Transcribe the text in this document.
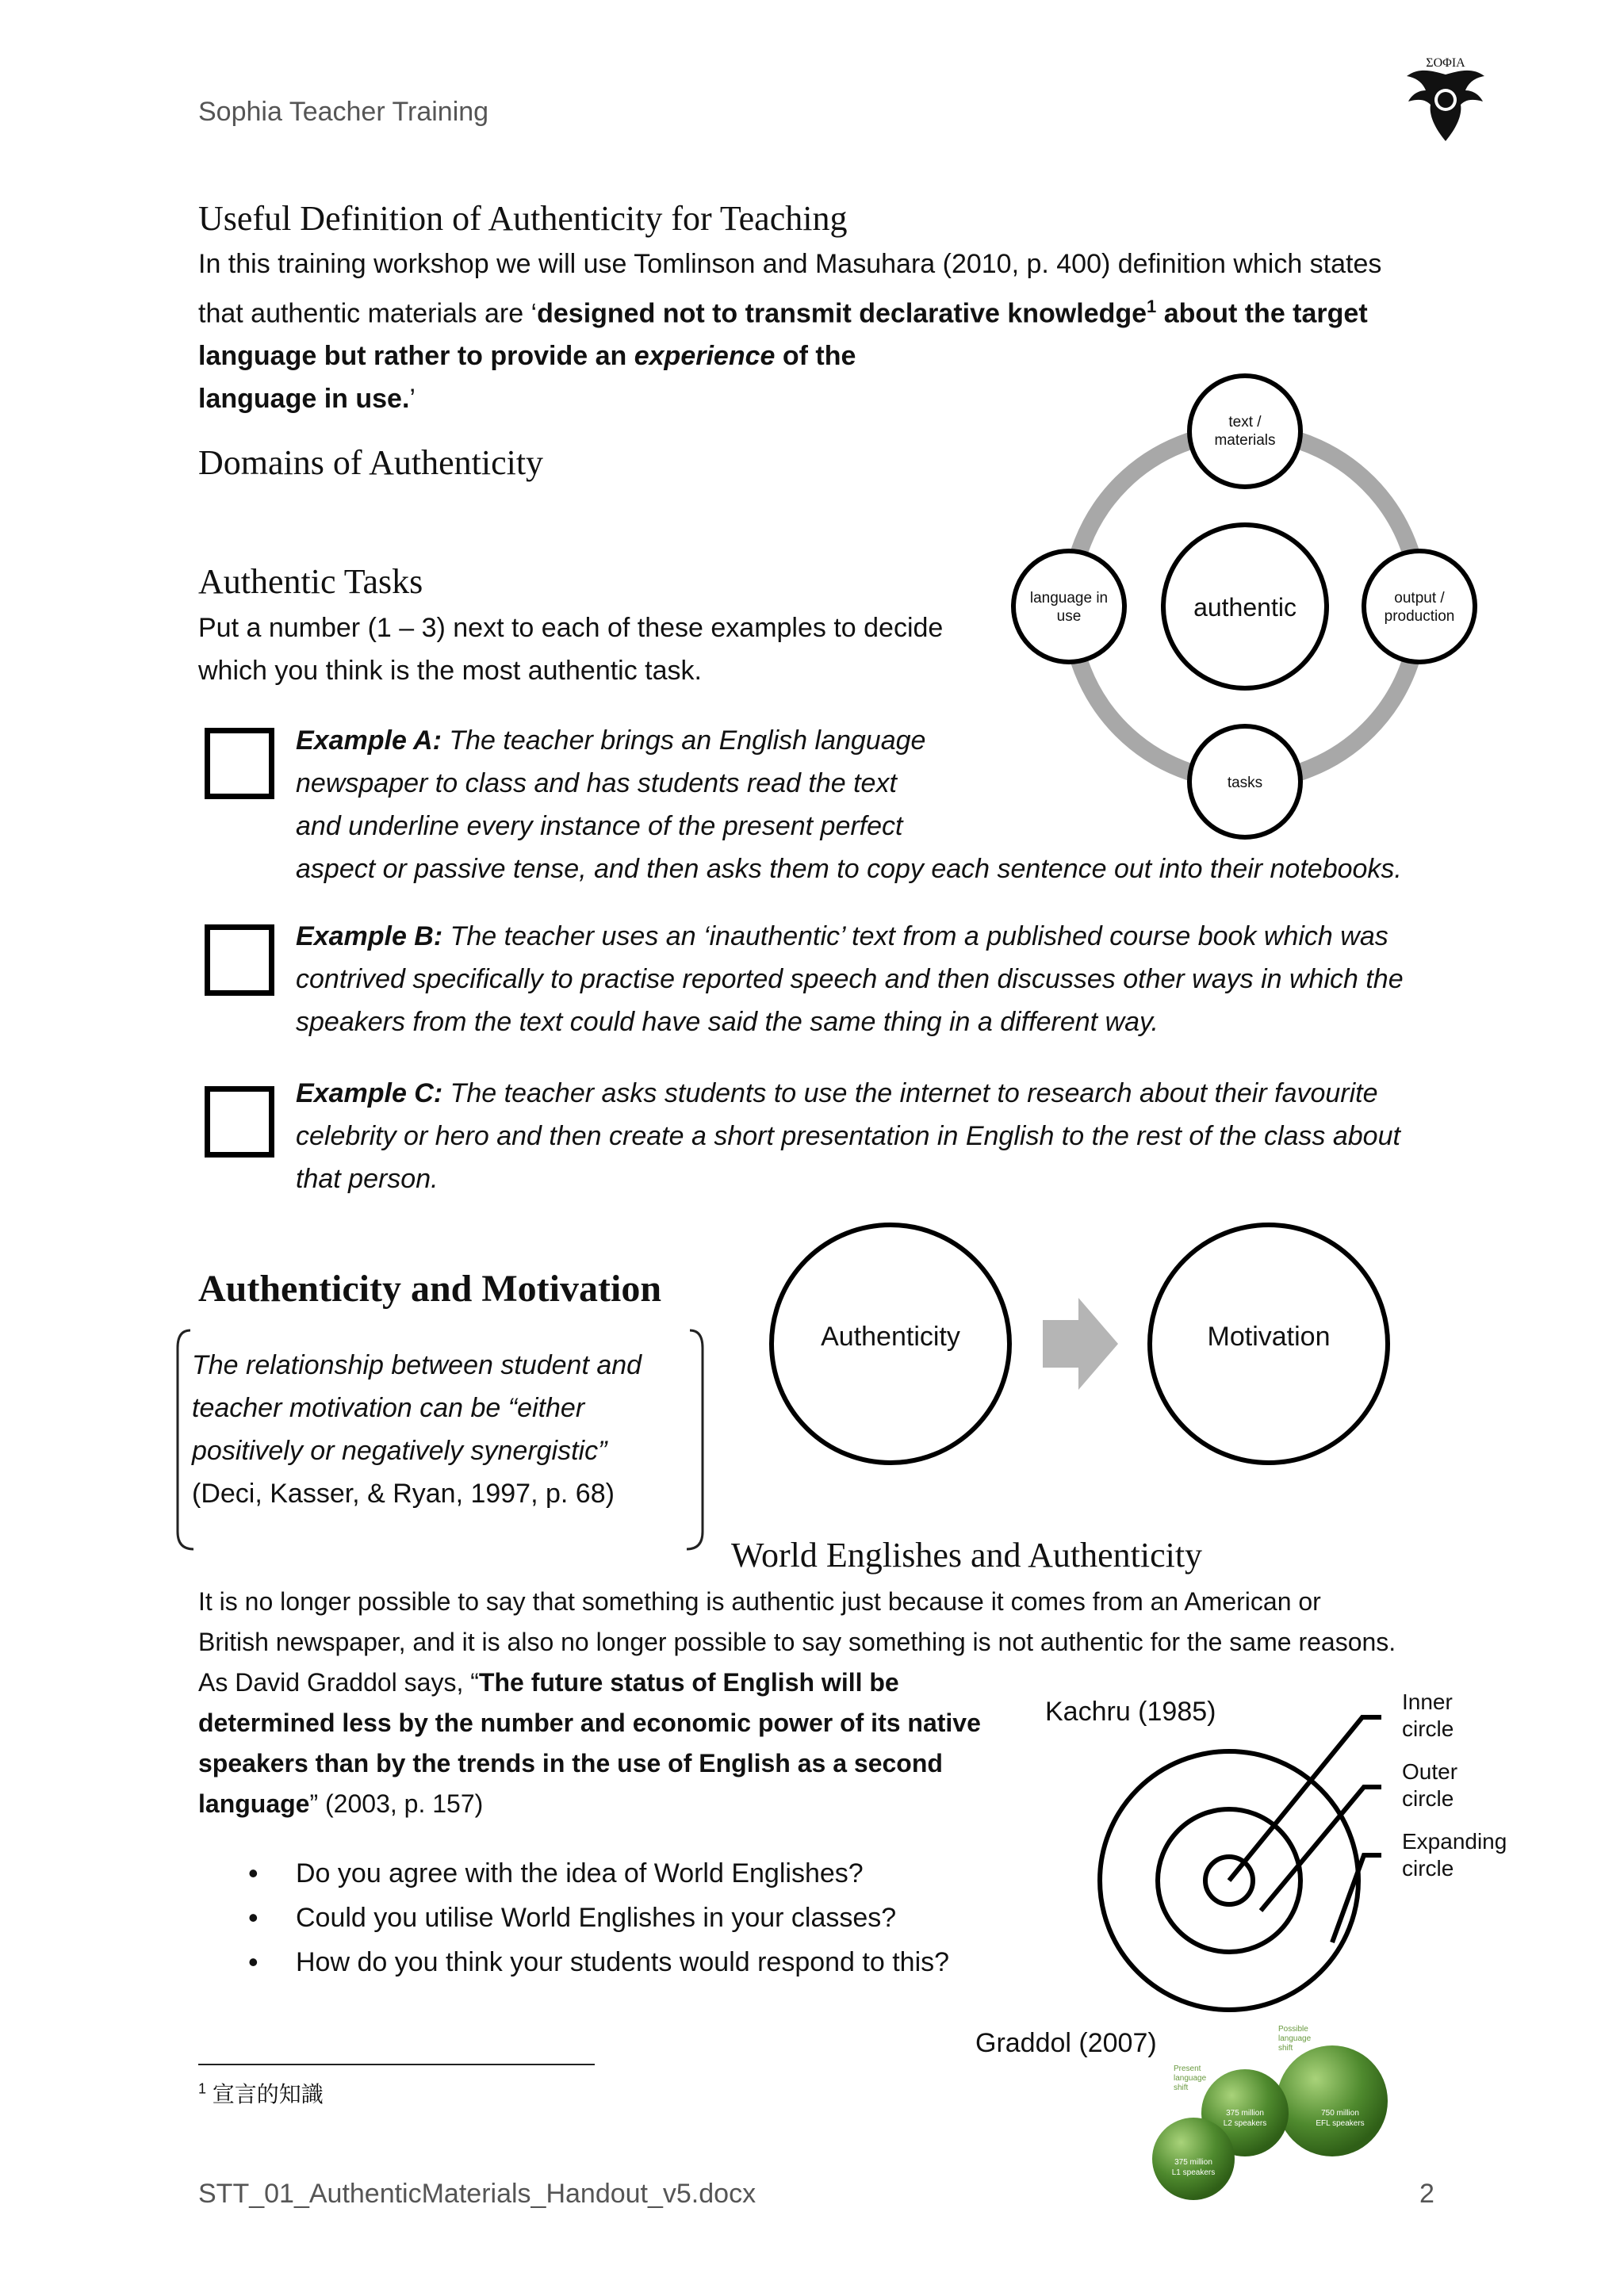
Sophia Teacher Training
ΣΟΦΙΑ
Useful Definition of Authenticity for Teaching
In this training workshop we will use Tomlinson and Masuhara (2010, p. 400) definition which states
that authentic materials are ‘designed not to transmit declarative knowledge$^1$ about the target
language but rather to provide an experience of the
language in use.’
Domains of Authenticity
authentic
text /
materials
language in
use
output /
production
tasks
Authentic Tasks
Put a number (1 – 3) next to each of these examples to decide
which you think is the most authentic task.
Example A: The teacher brings an English language
newspaper to class and has students read the text
and underline every instance of the present perfect
aspect or passive tense, and then asks them to copy each sentence out into their notebooks.
Example B: The teacher uses an ‘inauthentic’ text from a published course book which was
contrived specifically to practise reported speech and then discusses other ways in which the
speakers from the text could have said the same thing in a different way.
Example C: The teacher asks students to use the internet to research about their favourite
celebrity or hero and then create a short presentation in English to the rest of the class about
that person.
Authenticity and Motivation
The relationship between student and
teacher motivation can be “either
positively or negatively synergistic”
(Deci, Kasser, & Ryan, 1997, p. 68)
Authenticity	Motivation
World Englishes and Authenticity
It is no longer possible to say that something is authentic just because it comes from an American or
British newspaper, and it is also no longer possible to say something is not authentic for the same reasons.
As David Graddol says, “The future status of English will be
determined less by the number and economic power of its native
speakers than by the trends in the use of English as a second
language” (2003, p. 157)
• Do you agree with the idea of World Englishes?
• Could you utilise World Englishes in your classes?
• How do you think your students would respond to this?
Kachru (1985)	Inner
circle
Outer
circle
Expanding
circle
Graddol (2007)	Possible
language
shift
Present
language
shift
375 million
L2 speakers
750 million
EFL speakers
375 million
L1 speakers
$^1$ 宣言的知識
STT_01_AuthenticMaterials_Handout_v5.docx	2
